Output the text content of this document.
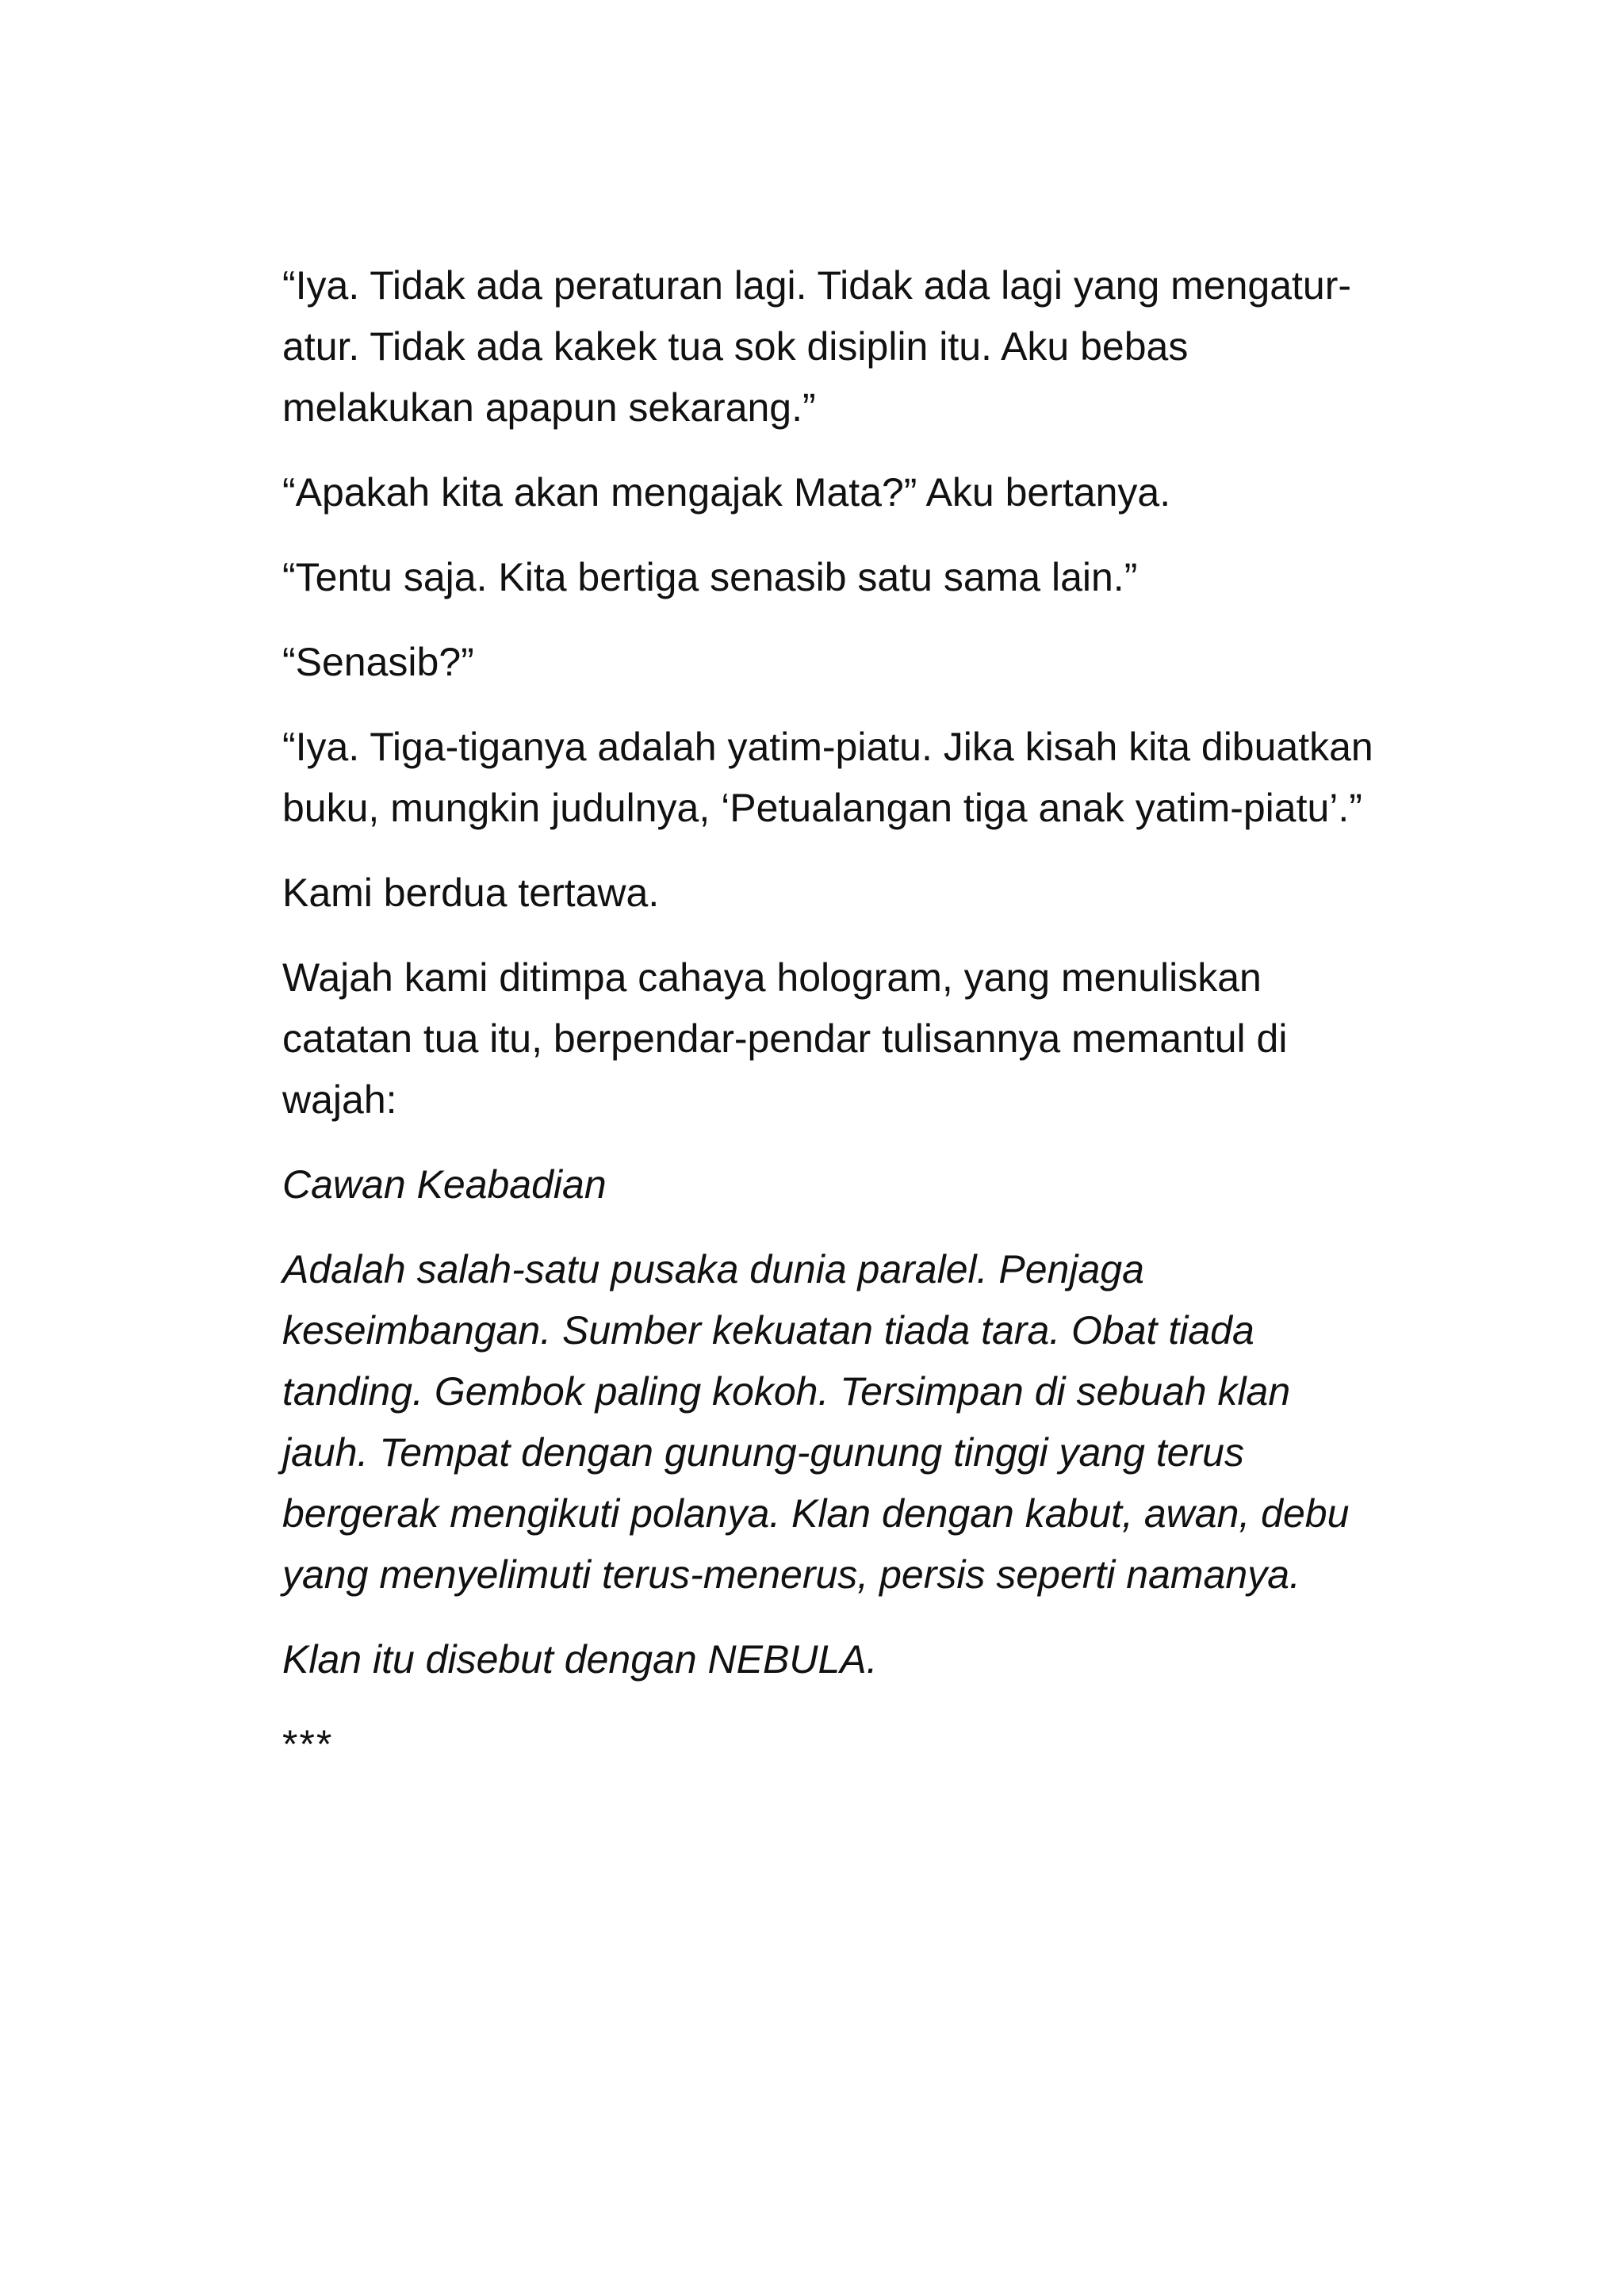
“Iya. Tidak ada peraturan lagi. Tidak ada lagi yang mengatur-atur. Tidak ada kakek tua sok disiplin itu. Aku bebas melakukan apapun sekarang.”

“Apakah kita akan mengajak Mata?” Aku bertanya.

“Tentu saja. Kita bertiga senasib satu sama lain.”

“Senasib?”

“Iya. Tiga-tiganya adalah yatim-piatu. Jika kisah kita dibuatkan buku, mungkin judulnya, ‘Petualangan tiga anak yatim-piatu’.”

Kami berdua tertawa.

Wajah kami ditimpa cahaya hologram, yang menuliskan catatan tua itu, berpendar-pendar tulisannya memantul di wajah:

Cawan Keabadian

Adalah salah-satu pusaka dunia paralel. Penjaga keseimbangan. Sumber kekuatan tiada tara. Obat tiada tanding. Gembok paling kokoh. Tersimpan di sebuah klan jauh. Tempat dengan gunung-gunung tinggi yang terus bergerak mengikuti polanya. Klan dengan kabut, awan, debu yang menyelimuti terus-menerus, persis seperti namanya.

Klan itu disebut dengan NEBULA.

***
